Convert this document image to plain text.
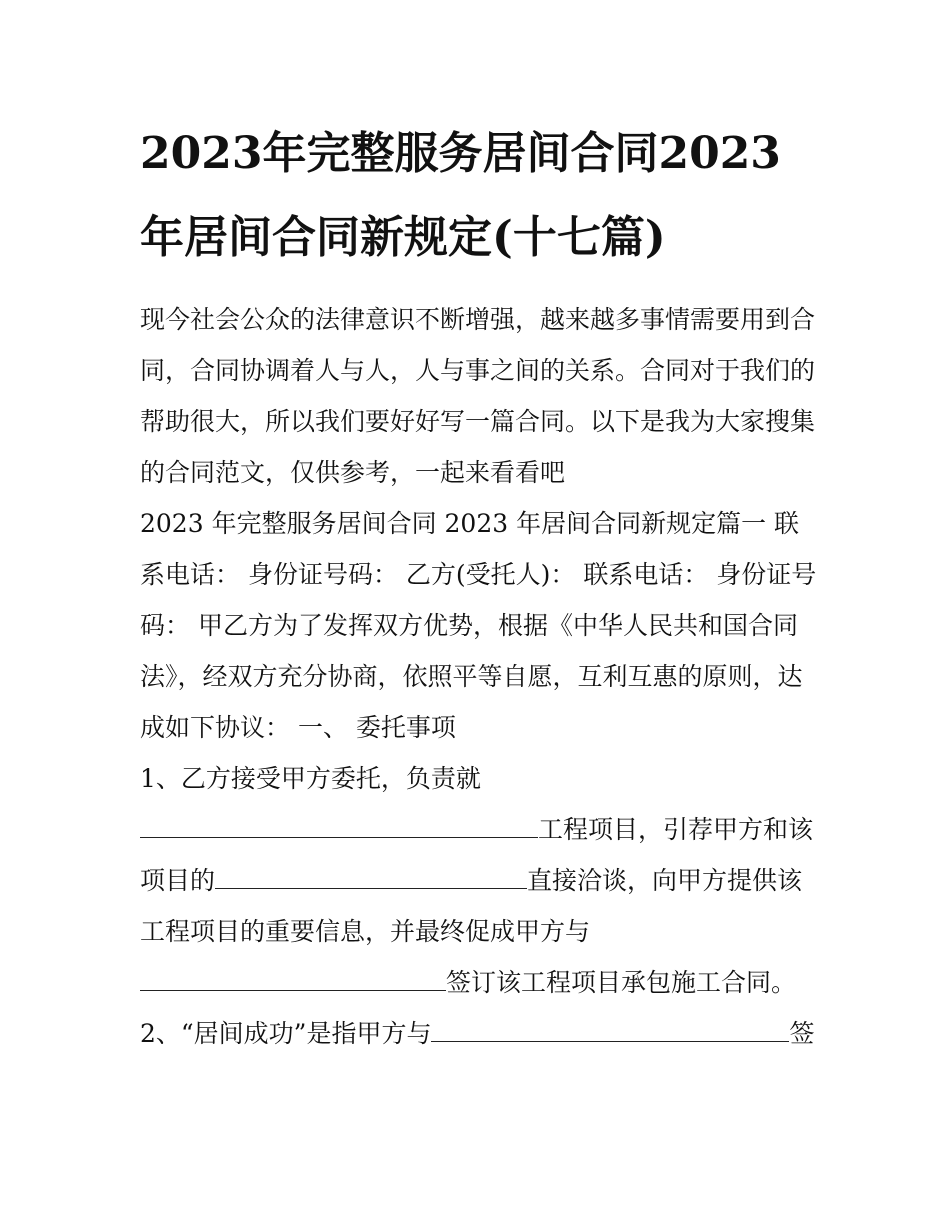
2023年完整服务居间合同2023年居间合同新规定(十七篇)

现今社会公众的法律意识不断增强，越来越多事情需要用到合同，合同协调着人与人，人与事之间的关系。合同对于我们的帮助很大，所以我们要好好写一篇合同。以下是我为大家搜集的合同范文，仅供参考，一起来看看吧

2023 年完整服务居间合同 2023 年居间合同新规定篇一 联系电话： 身份证号码： 乙方(受托人)： 联系电话： 身份证号码： 甲乙方为了发挥双方优势，根据《中华人民共和国合同法》，经双方充分协商，依照平等自愿，互利互惠的原则，达成如下协议： 一、 委托事项

1、乙方接受甲方委托，负责就

工程项目，引荐甲方和该

项目的	直接洽谈，向甲方提供该

工程项目的重要信息，并最终促成甲方与

签订该工程项目承包施工合同。

2、“居间成功”是指甲方与	签
